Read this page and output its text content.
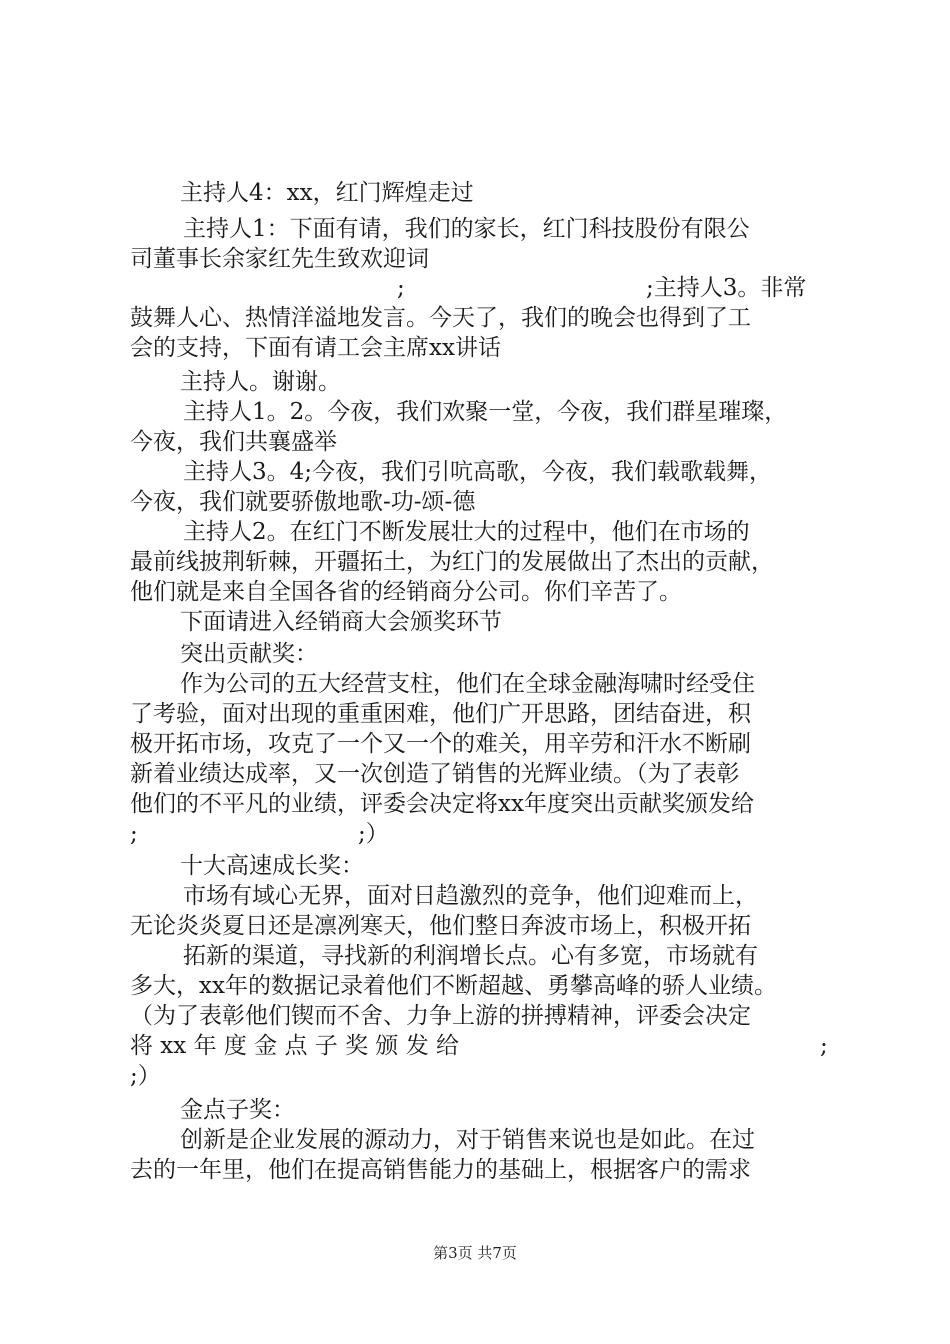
主持人4：xx，红门辉煌走过
主持人1：下面有请，我们的家长，红门科技股份有限公
司董事长余家红先生致欢迎词
;	;主持人3。非常
鼓舞人心、热情洋溢地发言。今天了，我们的晚会也得到了工
会的支持，下面有请工会主席xx讲话
主持人。谢谢。
主持人1。2。今夜，我们欢聚一堂，今夜，我们群星璀璨，
今夜，我们共襄盛举
主持人3。4;今夜，我们引吭高歌，今夜，我们载歌载舞，
今夜，我们就要骄傲地歌-功-颂-德
主持人2。在红门不断发展壮大的过程中，他们在市场的
最前线披荆斩棘，开疆拓土，为红门的发展做出了杰出的贡献，
他们就是来自全国各省的经销商分公司。你们辛苦了。
下面请进入经销商大会颁奖环节
突出贡献奖：
作为公司的五大经营支柱，他们在全球金融海啸时经受住
了考验，面对出现的重重困难，他们广开思路，团结奋进，积
极开拓市场，攻克了一个又一个的难关，用辛劳和汗水不断刷
新着业绩达成率，又一次创造了销售的光辉业绩。（为了表彰
他们的不平凡的业绩，评委会决定将xx年度突出贡献奖颁发给
;	;）
十大高速成长奖：
市场有域心无界，面对日趋激烈的竞争，他们迎难而上，
无论炎炎夏日还是凛冽寒天，他们整日奔波市场上，积极开拓
拓新的渠道，寻找新的利润增长点。心有多宽，市场就有
多大，xx年的数据记录着他们不断超越、勇攀高峰的骄人业绩。
（为了表彰他们锲而不舍、力争上游的拼搏精神，评委会决定
将 xx 年 度 金 点 子 奖 颁 发 给	;
;）
金点子奖：
创新是企业发展的源动力，对于销售来说也是如此。在过
去的一年里，他们在提高销售能力的基础上，根据客户的需求
第3页 共7页
